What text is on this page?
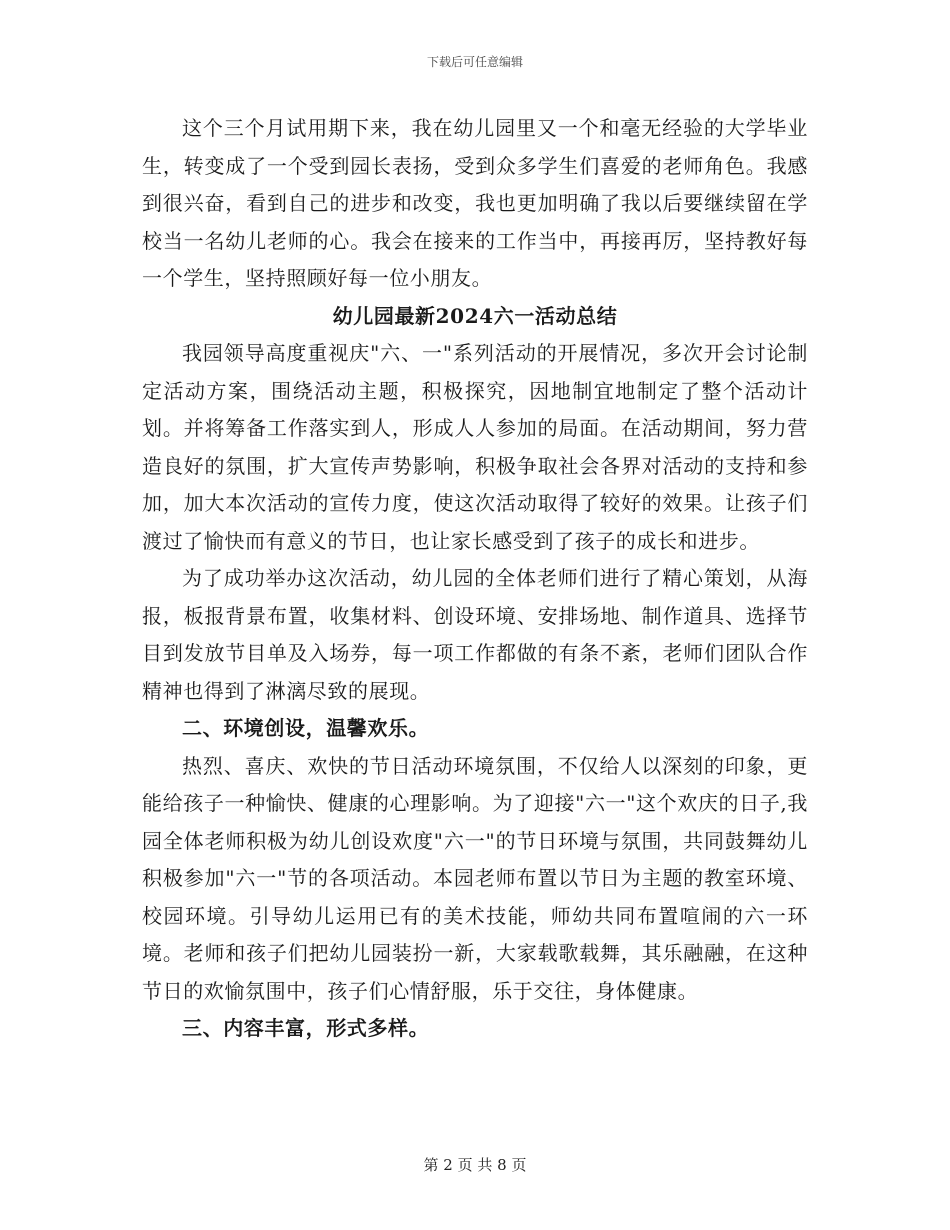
下载后可任意编辑

这个三个月试用期下来，我在幼儿园里又一个和毫无经验的大学毕业生，转变成了一个受到园长表扬，受到众多学生们喜爱的老师角色。我感到很兴奋，看到自己的进步和改变，我也更加明确了我以后要继续留在学校当一名幼儿老师的心。我会在接来的工作当中，再接再厉，坚持教好每一个学生，坚持照顾好每一位小朋友。

幼儿园最新2024六一活动总结

我园领导高度重视庆"六、一"系列活动的开展情况，多次开会讨论制定活动方案，围绕活动主题，积极探究，因地制宜地制定了整个活动计划。并将筹备工作落实到人，形成人人参加的局面。在活动期间，努力营造良好的氛围，扩大宣传声势影响，积极争取社会各界对活动的支持和参加，加大本次活动的宣传力度，使这次活动取得了较好的效果。让孩子们渡过了愉快而有意义的节日，也让家长感受到了孩子的成长和进步。

为了成功举办这次活动，幼儿园的全体老师们进行了精心策划，从海报，板报背景布置，收集材料、创设环境、安排场地、制作道具、选择节目到发放节目单及入场券，每一项工作都做的有条不紊，老师们团队合作精神也得到了淋漓尽致的展现。

二、环境创设，温馨欢乐。

热烈、喜庆、欢快的节日活动环境氛围，不仅给人以深刻的印象，更能给孩子一种愉快、健康的心理影响。为了迎接"六一"这个欢庆的日子,我园全体老师积极为幼儿创设欢度"六一"的节日环境与氛围，共同鼓舞幼儿积极参加"六一"节的各项活动。本园老师布置以节日为主题的教室环境、校园环境。引导幼儿运用已有的美术技能，师幼共同布置喧闹的六一环境。老师和孩子们把幼儿园装扮一新，大家载歌载舞，其乐融融，在这种节日的欢愉氛围中，孩子们心情舒服，乐于交往，身体健康。

三、内容丰富，形式多样。

第 2 页 共 8 页
